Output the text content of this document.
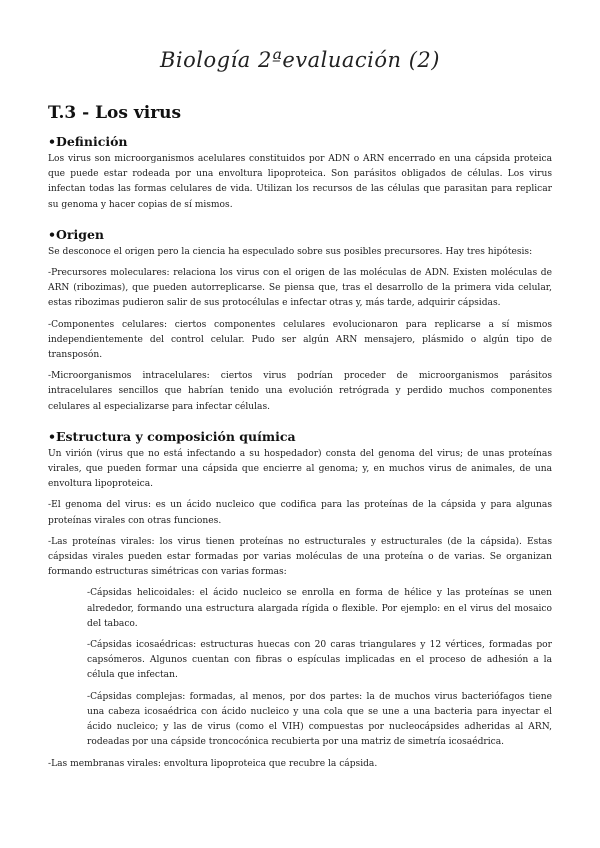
Biología 2ªevaluación (2)
T.3 - Los virus
•Definición

Los virus son microorganismos acelulares constituidos por ADN o ARN encerrado en una cápsida proteica que puede estar rodeada por una envoltura lipoproteica. Son parásitos obligados de células. Los virus infectan todas las formas celulares de vida. Utilizan los recursos de las células que parasitan para replicar su genoma y hacer copias de sí mismos.

•Origen

Se desconoce el origen pero la ciencia ha especulado sobre sus posibles precursores. Hay tres hipótesis:

-Precursores moleculares: relaciona los virus con el origen de las moléculas de ADN. Existen moléculas de ARN (ribozimas), que pueden autorreplicarse. Se piensa que, tras el desarrollo de la primera vida celular, estas ribozimas pudieron salir de sus protocélulas e infectar otras y, más tarde, adquirir cápsidas.

-Componentes celulares: ciertos componentes celulares evolucionaron para replicarse a sí mismos independientemente del control celular. Pudo ser algún ARN mensajero, plásmido o algún tipo de transposón.

-Microorganismos intracelulares: ciertos virus podrían proceder de microorganismos parásitos intracelulares sencillos que habrían tenido una evolución retrógrada y perdido muchos componentes celulares al especializarse para infectar células.

•Estructura y composición química

Un virión (virus que no está infectando a su hospedador) consta del genoma del virus; de unas proteínas virales, que pueden formar una cápsida que encierre al genoma; y, en muchos virus de animales, de una envoltura lipoproteica.

-El genoma del virus: es un ácido nucleico que codifica para las proteínas de la cápsida y para algunas proteínas virales con otras funciones.

-Las proteínas virales: los virus tienen proteínas no estructurales y estructurales (de la cápsida). Estas cápsidas virales pueden estar formadas por varias moléculas de una proteína o de varias. Se organizan formando estructuras simétricas con varias formas:

-Cápsidas helicoidales: el ácido nucleico se enrolla en forma de hélice y las proteínas se unen alrededor, formando una estructura alargada rígida o flexible. Por ejemplo: en el virus del mosaico del tabaco.

-Cápsidas icosaédricas: estructuras huecas con 20 caras triangulares y 12 vértices, formadas por capsómeros. Algunos cuentan con fibras o espículas implicadas en el proceso de adhesión a la célula que infectan.

-Cápsidas complejas: formadas, al menos, por dos partes: la de muchos virus bacteriófagos tiene una cabeza icosaédrica con ácido nucleico y una cola que se une a una bacteria para inyectar el ácido nucleico; y las de virus (como el VIH) compuestas por nucleocápsides adheridas al ARN, rodeadas por una cápside troncocónica recubierta por una matriz de simetría icosaédrica.

-Las membranas virales: envoltura lipoproteica que recubre la cápsida.
